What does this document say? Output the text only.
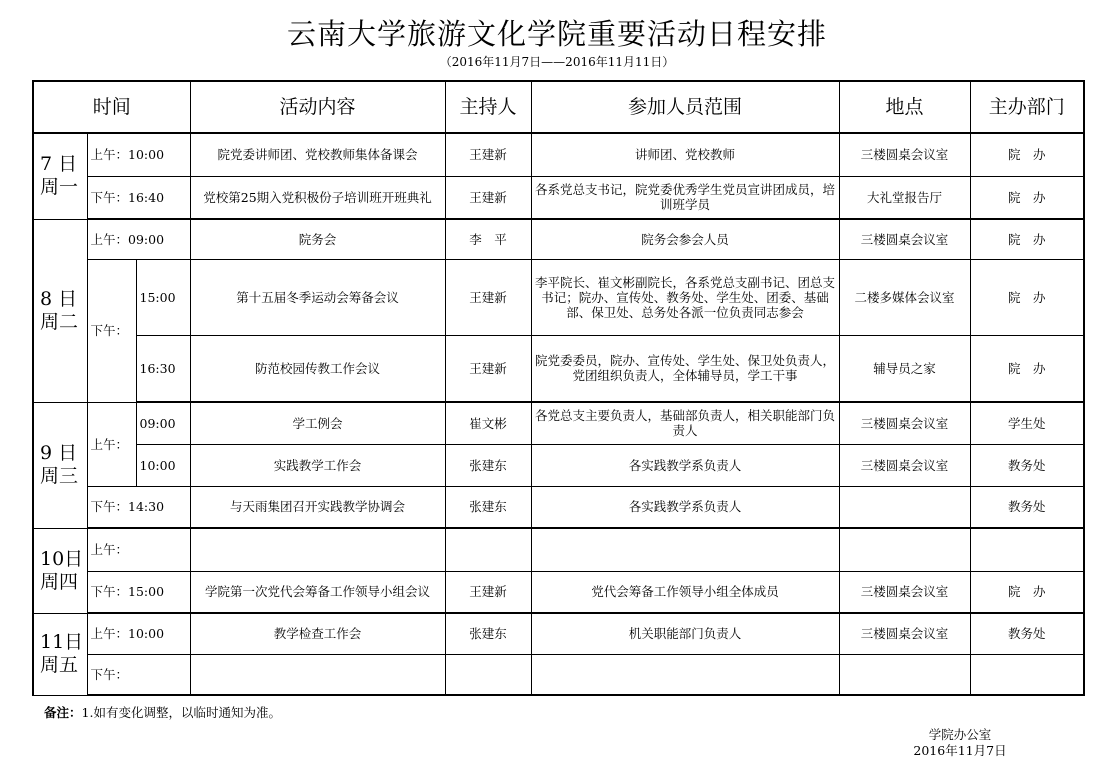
云南大学旅游文化学院重要活动日程安排
（2016年11月7日——2016年11月11日）
时间			活动内容	主持人	参加人员范围	地点	主办部门

7 日
周一	上午：10:00		院党委讲师团、党校教师集体备课会	王建新	讲师团、党校教师	三楼圆桌会议室	院　办
	下午：16:40		党校第25期入党积极份子培训班开班典礼	王建新	各系党总支书记，院党委优秀学生党员宣讲团成员，培训班学员	大礼堂报告厅	院　办

8 日
周二	上午：09:00		院务会	李　平	院务会参会人员	三楼圆桌会议室	院　办
	下午：	15:00	第十五届冬季运动会筹备会议	王建新	李平院长、崔文彬副院长，各系党总支副书记、团总支书记；院办、宣传处、教务处、学生处、团委、基础部、保卫处、总务处各派一位负责同志参会	二楼多媒体会议室	院　办
		16:30	防范校园传教工作会议	王建新	院党委委员，院办、宣传处、学生处、保卫处负责人，党团组织负责人，全体辅导员，学工干事	辅导员之家	院　办

9 日
周三	上午：	09:00	学工例会	崔文彬	各党总支主要负责人，基础部负责人，相关职能部门负责人	三楼圆桌会议室	学生处
		10:00	实践教学工作会	张建东	各实践教学系负责人	三楼圆桌会议室	教务处
	下午：14:30		与天雨集团召开实践教学协调会	张建东	各实践教学系负责人		教务处

10日
周四	上午：						
	下午：15:00		学院第一次党代会筹备工作领导小组会议	王建新	党代会筹备工作领导小组全体成员	三楼圆桌会议室	院　办

11日
周五	上午：10:00		教学检查工作会	张建东	机关职能部门负责人	三楼圆桌会议室	教务处
	下午：						
备注：1.如有变化调整，以临时通知为准。
学院办公室
2016年11月7日
